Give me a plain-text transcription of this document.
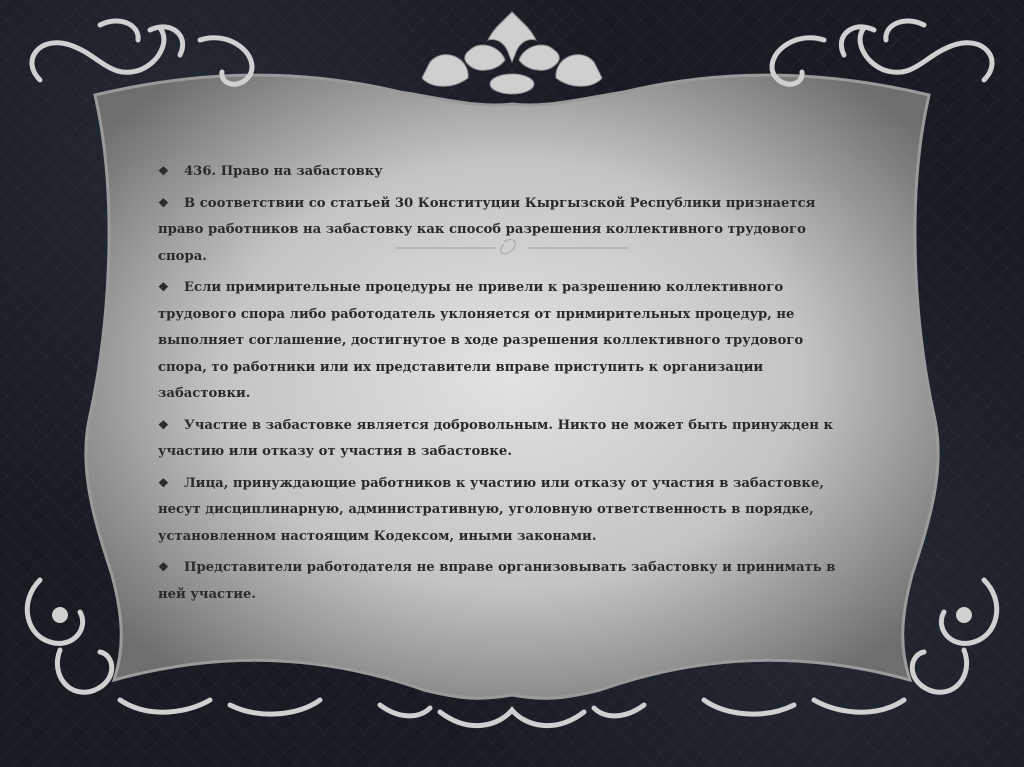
❖ 436. Право на забастовку
❖ В соответствии со статьей 30 Конституции Кыргызской Республики признается право работников на забастовку как способ разрешения коллективного трудового спора.
❖ Если примирительные процедуры не привели к разрешению коллективного трудового спора либо работодатель уклоняется от примирительных процедур, не выполняет соглашение, достигнутое в ходе разрешения коллективного трудового спора, то работники или их представители вправе приступить к организации забастовки.
❖ Участие в забастовке является добровольным. Никто не может быть принужден к участию или отказу от участия в забастовке.
❖ Лица, принуждающие работников к участию или отказу от участия в забастовке, несут дисциплинарную, административную, уголовную ответственность в порядке, установленном настоящим Кодексом, иными законами.
❖ Представители работодателя не вправе организовывать забастовку и принимать в ней участие.
